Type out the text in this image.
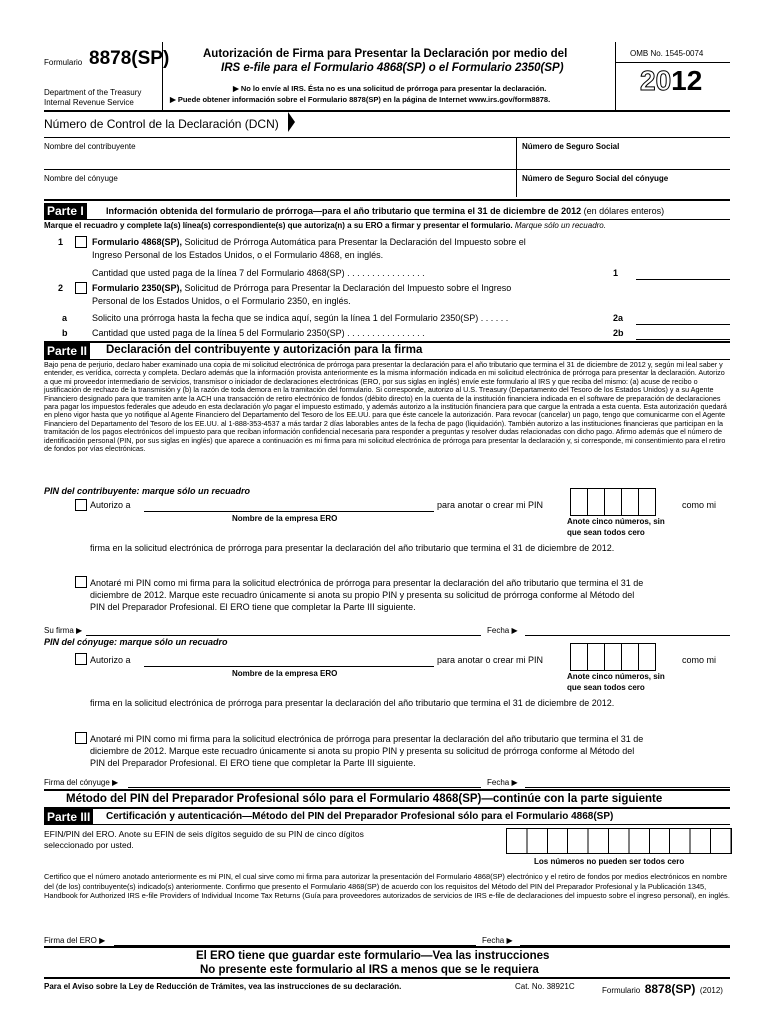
Formulario 8878(SP)
Department of the Treasury
Internal Revenue Service
Autorización de Firma para Presentar la Declaración por medio del
IRS e-file para el Formulario 4868(SP) o el Formulario 2350(SP)
▶ No lo envíe al IRS. Ésta no es una solicitud de prórroga para presentar la declaración.
▶ Puede obtener información sobre el Formulario 8878(SP) en la página de Internet www.irs.gov/form8878.
OMB No. 1545-0074
2012
Número de Control de la Declaración (DCN)
Nombre del contribuyente	Número de Seguro Social
Nombre del cónyuge	Número de Seguro Social del cónyuge
Parte I	Información obtenida del formulario de prórroga—para el año tributario que termina el 31 de diciembre de 2012 (en dólares enteros)
Marque el recuadro y complete la(s) línea(s) correspondiente(s) que autoriza(n) a su ERO a firmar y presentar el formulario. Marque sólo un recuadro.
1	Formulario 4868(SP), Solicitud de Prórroga Automática para Presentar la Declaración del Impuesto sobre el
Ingreso Personal de los Estados Unidos, o el Formulario 4868, en inglés.
Cantidad que usted paga de la línea 7 del Formulario 4868(SP) . . . . . . . . . . . . . . . .	1
2	Formulario 2350(SP), Solicitud de Prórroga para Presentar la Declaración del Impuesto sobre el Ingreso
Personal de los Estados Unidos, o el Formulario 2350, en inglés.
a	Solicito una prórroga hasta la fecha que se indica aquí, según la línea 1 del Formulario 2350(SP) . . . . . .	2a
b	Cantidad que usted paga de la línea 5 del Formulario 2350(SP) . . . . . . . . . . . . . . . .	2b
Parte II Declaración del contribuyente y autorización para la firma
Bajo pena de perjurio, declaro haber examinado una copia de mi solicitud electrónica de prórroga para presentar la declaración para el año tributario que termina el 31 de diciembre de 2012 y, según mi leal saber y entender, es verídica, correcta y completa. Declaro además que la información provista anteriormente es la misma información indicada en mi solicitud electrónica de prórroga para presentar la declaración. Autorizo a que mi proveedor intermediario de servicios, transmisor o iniciador de declaraciones electrónicas (ERO, por sus siglas en inglés) envíe este formulario al IRS y que reciba del mismo: (a) acuse de recibo o justificación de rechazo de la transmisión y (b) la razón de toda demora en la tramitación del formulario. Si corresponde, autorizo al U.S. Treasury (Departamento del Tesoro de los Estados Unidos) y a su Agente Financiero designado para que tramiten ante la ACH una transacción de retiro electrónico de fondos (débito directo) en la cuenta de la institución financiera indicada en el software de preparación de declaraciones para pagar los impuestos federales que adeudo en esta declaración y/o pagar el impuesto estimado, y además autorizo a la institución financiera para que cargue la entrada a esta cuenta. Esta autorización quedará en pleno vigor hasta que yo notifique al Agente Financiero del Departamento del Tesoro de los EE.UU. para que éste cancele la autorización. Para revocar (cancelar) un pago, tengo que comunicarme con el Agente Financiero del Departamento del Tesoro de los EE.UU. al 1-888-353-4537 a más tardar 2 días laborables antes de la fecha de pago (liquidación). También autorizo a las instituciones financieras que participan en la tramitación de los pagos electrónicos del impuesto para que reciban información confidencial necesaria para responder a preguntas y resolver dudas relacionadas con dicho pago. Afirmo además que el número de identificación personal (PIN, por sus siglas en inglés) que aparece a continuación es mi firma para mi solicitud electrónica de prórroga para presentar la declaración y, si corresponde, mi consentimiento para el retiro de fondos por vías electrónicas.
PIN del contribuyente: marque sólo un recuadro
Autorizo a	para anotar o crear mi PIN	como mi
Nombre de la empresa ERO	Anote cinco números, sin
que sean todos cero
firma en la solicitud electrónica de prórroga para presentar la declaración del año tributario que termina el 31 de diciembre de 2012.
Anotaré mi PIN como mi firma para la solicitud electrónica de prórroga para presentar la declaración del año tributario que termina el 31 de
diciembre de 2012. Marque este recuadro únicamente si anota su propio PIN y presenta su solicitud de prórroga conforme al Método del
PIN del Preparador Profesional. El ERO tiene que completar la Parte III siguiente.
Su firma ▶	Fecha ▶
PIN del cónyuge: marque sólo un recuadro
Autorizo a	para anotar o crear mi PIN	como mi
Nombre de la empresa ERO	Anote cinco números, sin
que sean todos cero
firma en la solicitud electrónica de prórroga para presentar la declaración del año tributario que termina el 31 de diciembre de 2012.
Anotaré mi PIN como mi firma para la solicitud electrónica de prórroga para presentar la declaración del año tributario que termina el 31 de
diciembre de 2012. Marque este recuadro únicamente si anota su propio PIN y presenta su solicitud de prórroga conforme al Método del
PIN del Preparador Profesional. El ERO tiene que completar la Parte III siguiente.
Firma del cónyuge ▶	Fecha ▶
Método del PIN del Preparador Profesional sólo para el Formulario 4868(SP)—continúe con la parte siguiente
Parte III	Certificación y autenticación—Método del PIN del Preparador Profesional sólo para el Formulario 4868(SP)
EFIN/PIN del ERO. Anote su EFIN de seis dígitos seguido de su PIN de cinco dígitos
seleccionado por usted.
Los números no pueden ser todos cero
Certifico que el número anotado anteriormente es mi PIN, el cual sirve como mi firma para autorizar la presentación del Formulario 4868(SP) electrónico y el retiro de fondos por medios electrónicos en nombre del (de los) contribuyente(s) indicado(s) anteriormente. Confirmo que presento el Formulario 4868(SP) de acuerdo con los requisitos del Método del PIN del Preparador Profesional y la Publicación 1345, Handbook for Authorized IRS e-file Providers of Individual Income Tax Returns (Guía para proveedores autorizados de servicios de IRS e-file de declaraciones del impuesto sobre el ingreso personal), en inglés.
Firma del ERO ▶	Fecha ▶
El ERO tiene que guardar este formulario—Vea las instrucciones
No presente este formulario al IRS a menos que se le requiera
Para el Aviso sobre la Ley de Reducción de Trámites, vea las instrucciones de su declaración.	Cat. No. 38921C	Formulario 8878(SP) (2012)
